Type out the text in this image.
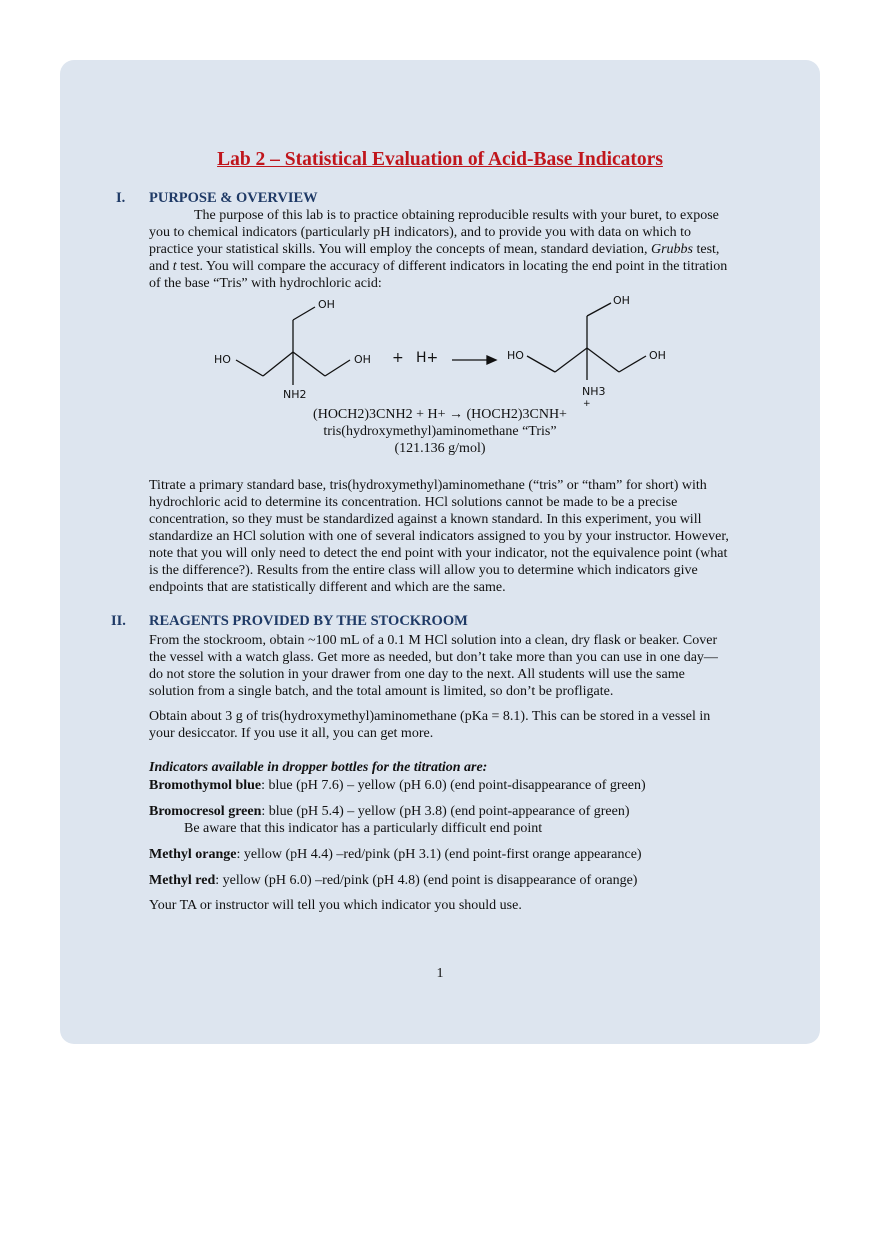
Lab 2 – Statistical Evaluation of Acid-Base Indicators
I. PURPOSE & OVERVIEW
The purpose of this lab is to practice obtaining reproducible results with your buret, to expose you to chemical indicators (particularly pH indicators), and to provide you with data on which to practice your statistical skills. You will employ the concepts of mean, standard deviation, Grubbs test, and t test. You will compare the accuracy of different indicators in locating the end point in the titration of the base “Tris” with hydrochloric acid:
OH
HO	OH
NH2
OH
HO	OH
NH3
+
+ H+
(HOCH2)3CNH2 + H+ → (HOCH2)3CNH+
tris(hydroxymethyl)aminomethane “Tris”
(121.136 g/mol)
Titrate a primary standard base, tris(hydroxymethyl)aminomethane (“tris” or “tham” for short) with hydrochloric acid to determine its concentration. HCl solutions cannot be made to be a precise concentration, so they must be standardized against a known standard. In this experiment, you will standardize an HCl solution with one of several indicators assigned to you by your instructor. However, note that you will only need to detect the end point with your indicator, not the equivalence point (what is the difference?). Results from the entire class will allow you to determine which indicators give endpoints that are statistically different and which are the same.
II. REAGENTS PROVIDED BY THE STOCKROOM
From the stockroom, obtain ~100 mL of a 0.1 M HCl solution into a clean, dry flask or beaker. Cover the vessel with a watch glass. Get more as needed, but don’t take more than you can use in one day—do not store the solution in your drawer from one day to the next. All students will use the same solution from a single batch, and the total amount is limited, so don’t be profligate.
Obtain about 3 g of tris(hydroxymethyl)aminomethane (pKa = 8.1). This can be stored in a vessel in your desiccator. If you use it all, you can get more.
Indicators available in dropper bottles for the titration are:
Bromothymol blue: blue (pH 7.6) – yellow (pH 6.0) (end point-disappearance of green)
Bromocresol green: blue (pH 5.4) – yellow (pH 3.8) (end point-appearance of green)
Be aware that this indicator has a particularly difficult end point
Methyl orange: yellow (pH 4.4) –red/pink (pH 3.1) (end point-first orange appearance)
Methyl red: yellow (pH 6.0) –red/pink (pH 4.8) (end point is disappearance of orange)
Your TA or instructor will tell you which indicator you should use.
1
